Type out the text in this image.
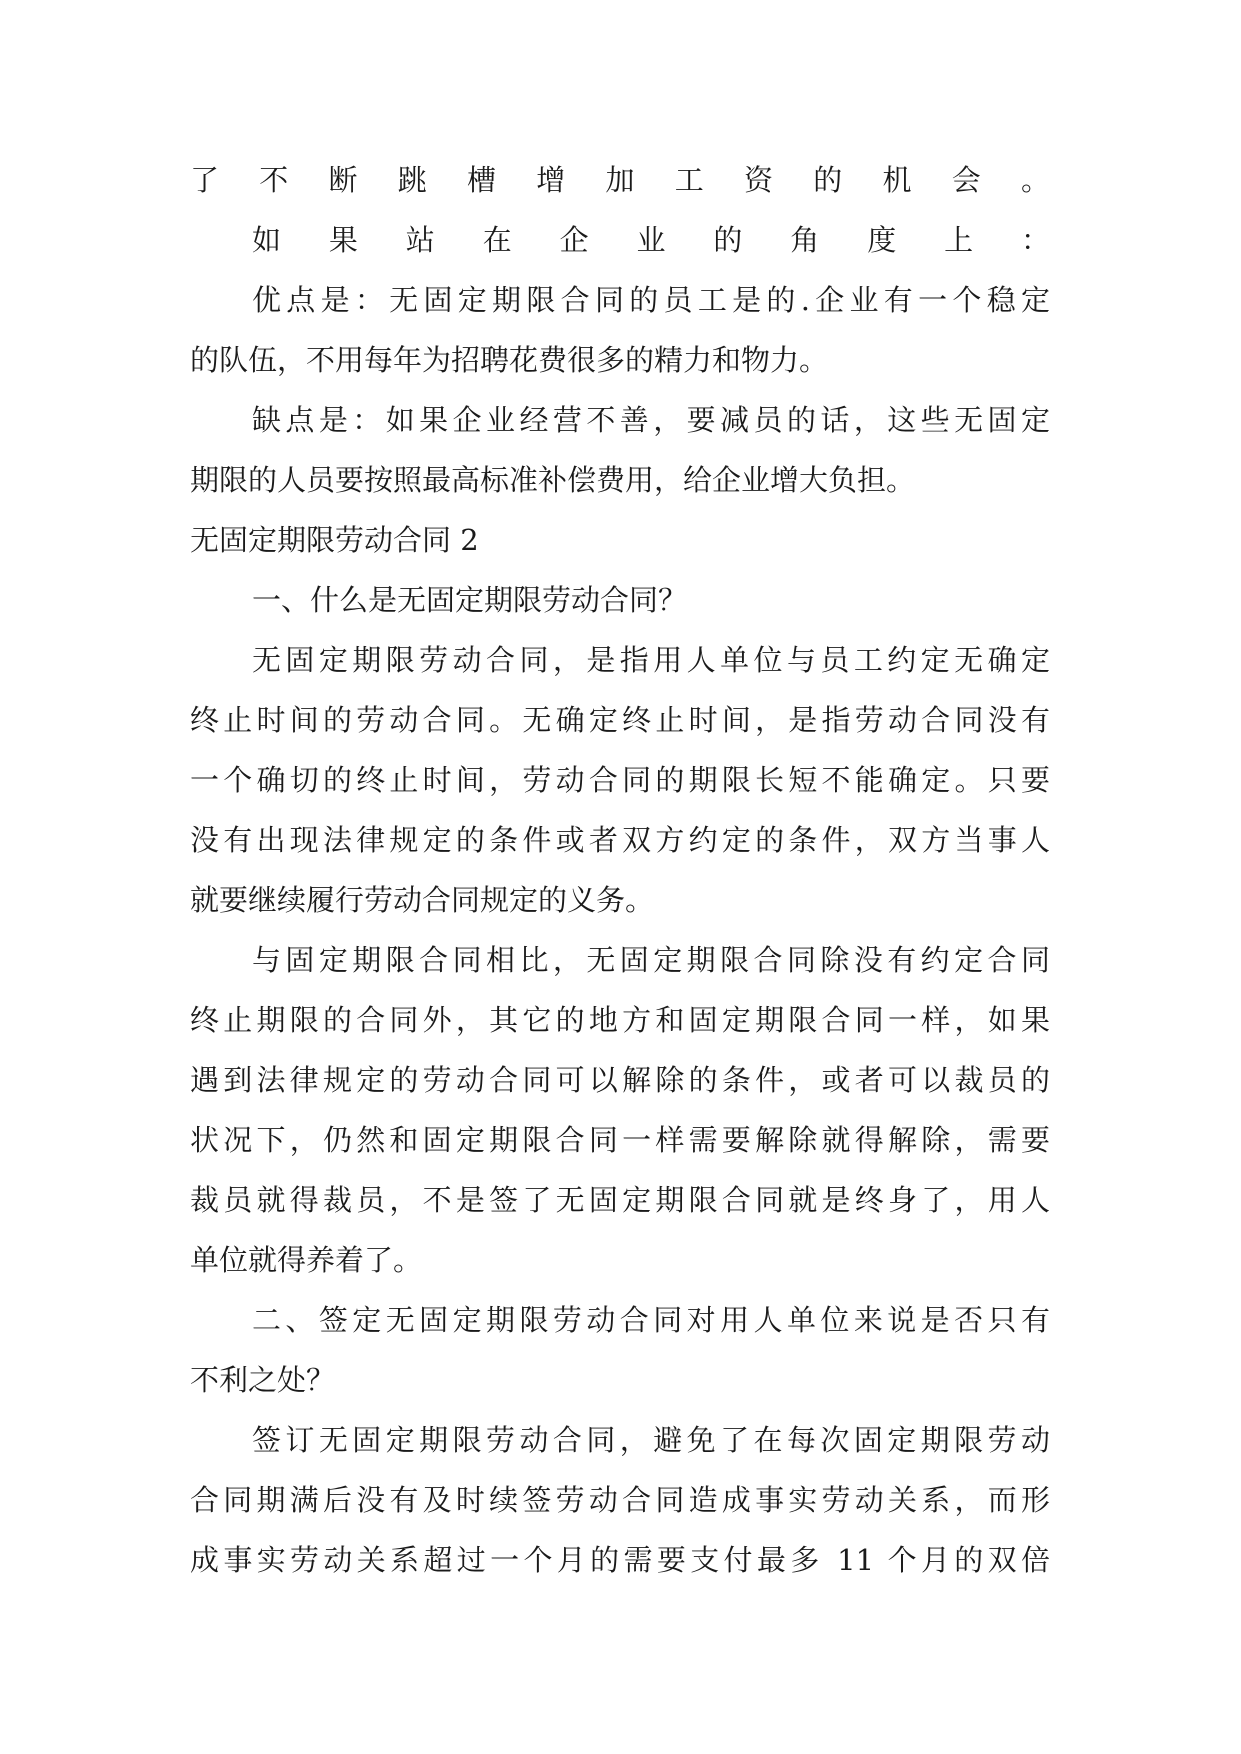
了不断跳槽增加工资的机会。
如果站在企业的角度上：
优点是：无固定期限合同的员工是的.企业有一个稳定
的队伍，不用每年为招聘花费很多的精力和物力。
缺点是：如果企业经营不善，要减员的话，这些无固定
期限的人员要按照最高标准补偿费用，给企业增大负担。
无固定期限劳动合同 2
一、什么是无固定期限劳动合同？
无固定期限劳动合同，是指用人单位与员工约定无确定
终止时间的劳动合同。无确定终止时间，是指劳动合同没有
一个确切的终止时间，劳动合同的期限长短不能确定。只要
没有出现法律规定的条件或者双方约定的条件，双方当事人
就要继续履行劳动合同规定的义务。
与固定期限合同相比，无固定期限合同除没有约定合同
终止期限的合同外，其它的地方和固定期限合同一样，如果
遇到法律规定的劳动合同可以解除的条件，或者可以裁员的
状况下，仍然和固定期限合同一样需要解除就得解除，需要
裁员就得裁员，不是签了无固定期限合同就是终身了，用人
单位就得养着了。
二、签定无固定期限劳动合同对用人单位来说是否只有
不利之处？
签订无固定期限劳动合同，避免了在每次固定期限劳动
合同期满后没有及时续签劳动合同造成事实劳动关系，而形
成事实劳动关系超过一个月的需要支付最多 11 个月的双倍
